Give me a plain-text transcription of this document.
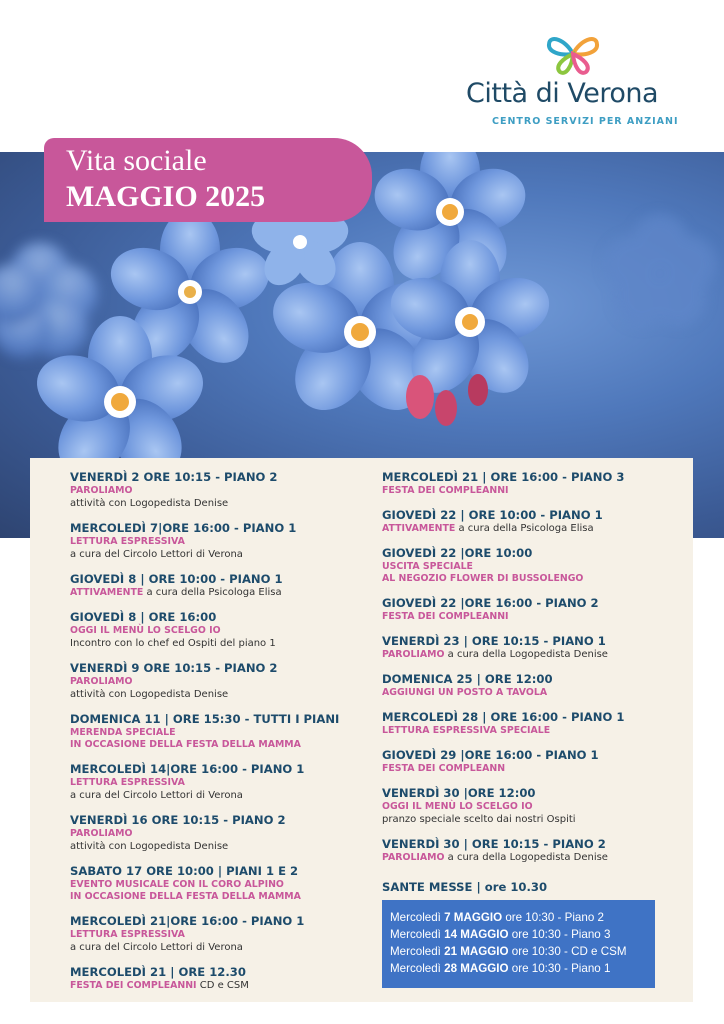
Città di Verona
CENTRO SERVIZI PER ANZIANI
Vita sociale
MAGGIO 2025
VENERDÌ 2 ORE 10:15 - PIANO 2
PAROLIAMO
attività con Logopedista Denise
MERCOLEDÌ 7|ORE 16:00 - PIANO 1
LETTURA ESPRESSIVA
a cura del Circolo Lettori di Verona
GIOVEDÌ 8 | ORE 10:00 - PIANO 1
ATTIVAMENTE a cura della Psicologa Elisa
GIOVEDÌ 8 | ORE 16:00
OGGI IL MENÙ LO SCELGO IO
Incontro con lo chef ed Ospiti del piano 1
VENERDÌ 9 ORE 10:15 - PIANO 2
PAROLIAMO
attività con Logopedista Denise
DOMENICA 11 | ORE 15:30 - TUTTI I PIANI
MERENDA SPECIALE
IN OCCASIONE DELLA FESTA DELLA MAMMA
MERCOLEDÌ 14|ORE 16:00 - PIANO 1
LETTURA ESPRESSIVA
a cura del Circolo Lettori di Verona
VENERDÌ 16 ORE 10:15 - PIANO 2
PAROLIAMO
attività con Logopedista Denise
SABATO 17 ORE 10:00 | PIANI 1 E 2
EVENTO MUSICALE CON IL CORO ALPINO
IN OCCASIONE DELLA FESTA DELLA MAMMA
MERCOLEDÌ 21|ORE 16:00 - PIANO 1
LETTURA ESPRESSIVA
a cura del Circolo Lettori di Verona
MERCOLEDÌ 21 | ORE 12.30
FESTA DEI COMPLEANNI CD e CSM
MERCOLEDÌ 21 | ORE 16:00 - PIANO 3
FESTA DEI COMPLEANNI
GIOVEDÌ 22 | ORE 10:00 - PIANO 1
ATTIVAMENTE a cura della Psicologa Elisa
GIOVEDÌ 22 |ORE 10:00
USCITA SPECIALE
AL NEGOZIO FLOWER DI BUSSOLENGO
GIOVEDÌ 22 |ORE 16:00 - PIANO 2
FESTA DEI COMPLEANNI
VENERDÌ 23 | ORE 10:15 - PIANO 1
PAROLIAMO a cura della Logopedista Denise
DOMENICA 25 | ORE 12:00
AGGIUNGI UN POSTO A TAVOLA
MERCOLEDÌ 28 | ORE 16:00 - PIANO 1
LETTURA ESPRESSIVA SPECIALE
GIOVEDÌ 29 |ORE 16:00 - PIANO 1
FESTA DEI COMPLEANN
VENERDÌ 30 |ORE 12:00
OGGI IL MENÙ LO SCELGO IO
pranzo speciale scelto dai nostri Ospiti
VENERDÌ 30 | ORE 10:15 - PIANO 2
PAROLIAMO a cura della Logopedista Denise
SANTE MESSE | ore 10.30
Mercoledì 7 MAGGIO ore 10:30 - Piano 2
Mercoledì 14 MAGGIO ore 10:30 - Piano 3
Mercoledì 21 MAGGIO ore 10:30 - CD e CSM
Mercoledì 28 MAGGIO ore 10:30 - Piano 1
